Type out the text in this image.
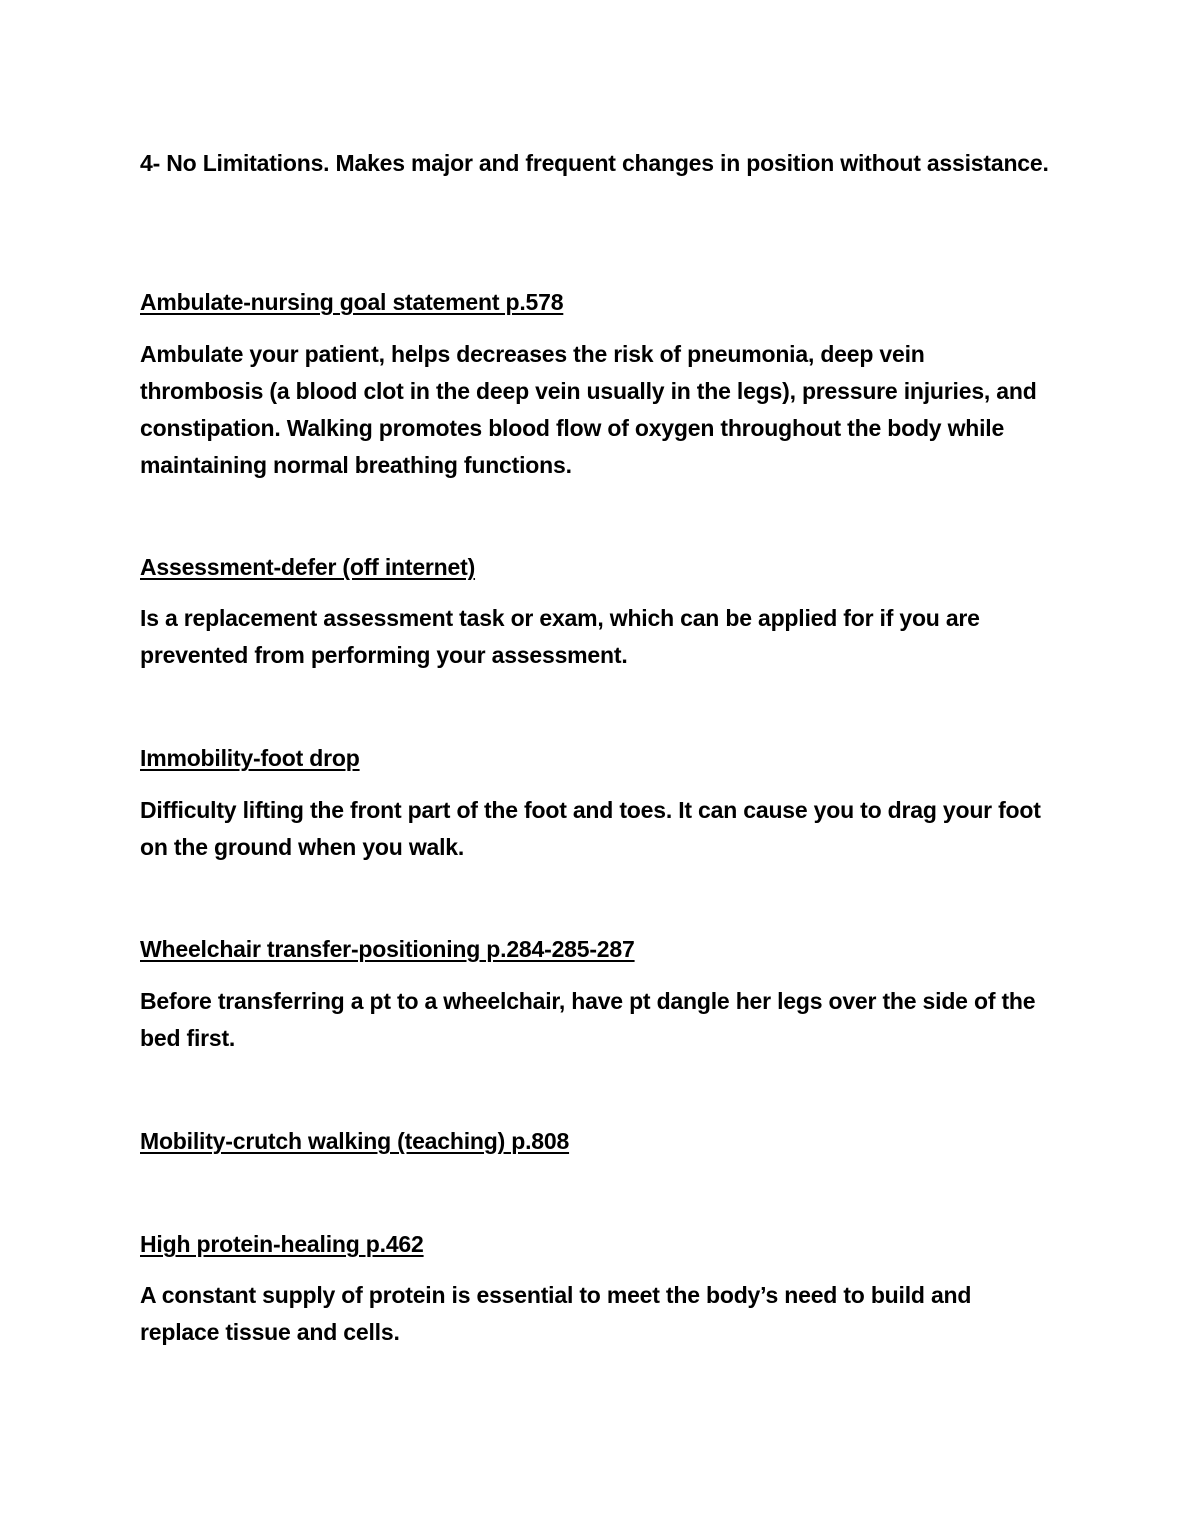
4- No Limitations. Makes major and frequent changes in position without assistance.

Ambulate-nursing goal statement p.578

Ambulate your patient, helps decreases the risk of pneumonia, deep vein thrombosis (a blood clot in the deep vein usually in the legs), pressure injuries, and constipation. Walking promotes blood flow of oxygen throughout the body while maintaining normal breathing functions.

Assessment-defer (off internet)

Is a replacement assessment task or exam, which can be applied for if you are prevented from performing your assessment.

Immobility-foot drop

Difficulty lifting the front part of the foot and toes. It can cause you to drag your foot on the ground when you walk.

Wheelchair transfer-positioning p.284-285-287

Before transferring a pt to a wheelchair, have pt dangle her legs over the side of the bed first.

Mobility-crutch walking (teaching) p.808

High protein-healing p.462

A constant supply of protein is essential to meet the body’s need to build and replace tissue and cells.
